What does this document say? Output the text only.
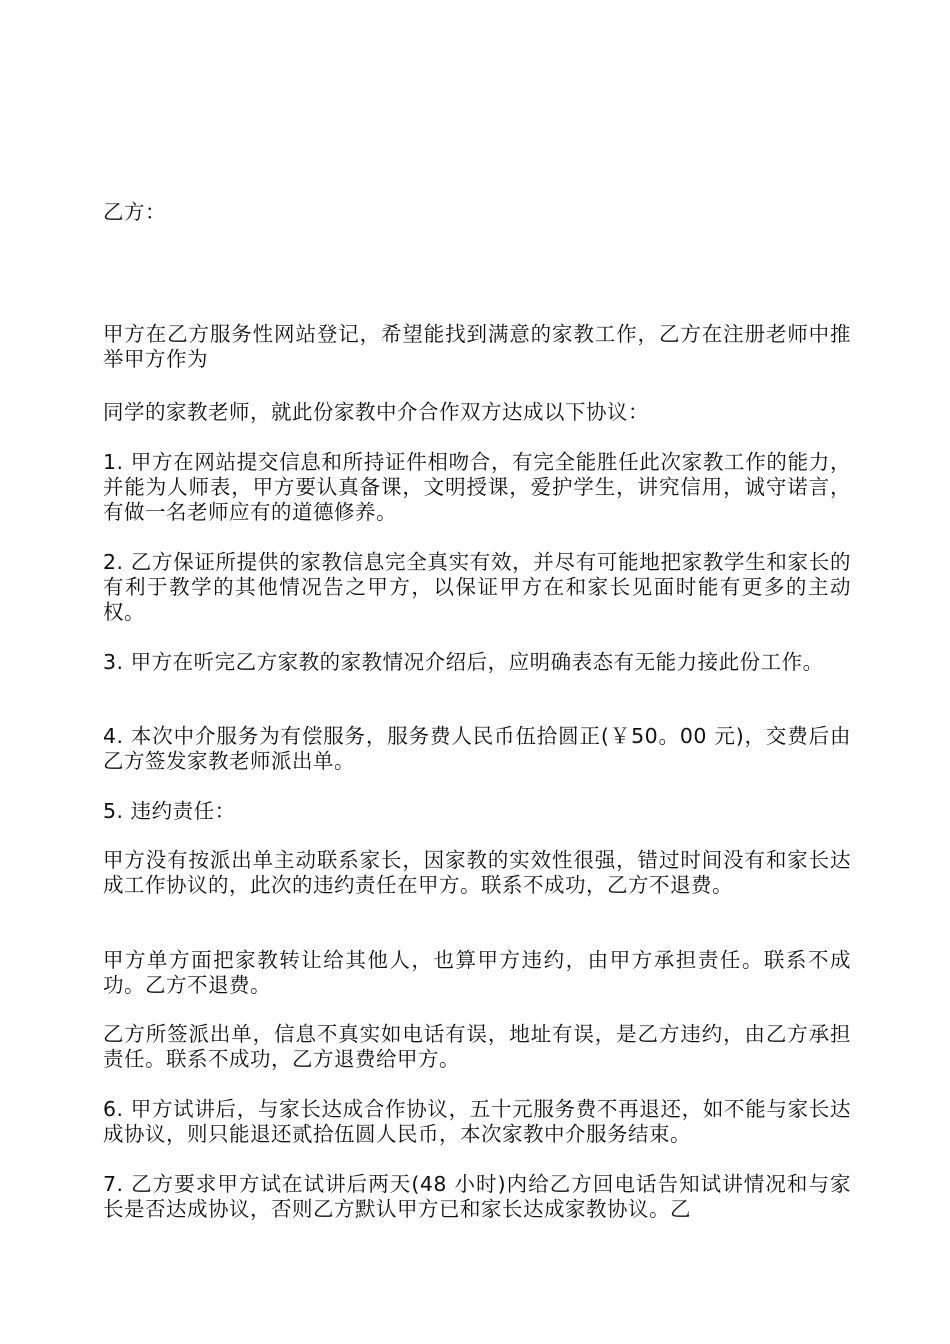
乙方：

甲方在乙方服务性网站登记，希望能找到满意的家教工作，乙方在注册老师中推举甲方作为

同学的家教老师，就此份家教中介合作双方达成以下协议：

1. 甲方在网站提交信息和所持证件相吻合，有完全能胜任此次家教工作的能力，并能为人师表，甲方要认真备课，文明授课，爱护学生，讲究信用，诚守诺言，有做一名老师应有的道德修养。

2. 乙方保证所提供的家教信息完全真实有效，并尽有可能地把家教学生和家长的有利于教学的其他情况告之甲方，以保证甲方在和家长见面时能有更多的主动权。

3. 甲方在听完乙方家教的家教情况介绍后，应明确表态有无能力接此份工作。

4. 本次中介服务为有偿服务，服务费人民币伍拾圆正(￥50。00 元)，交费后由乙方签发家教老师派出单。

5. 违约责任：

甲方没有按派出单主动联系家长，因家教的实效性很强，错过时间没有和家长达成工作协议的，此次的违约责任在甲方。联系不成功，乙方不退费。

甲方单方面把家教转让给其他人，也算甲方违约，由甲方承担责任。联系不成功。乙方不退费。

乙方所签派出单，信息不真实如电话有误，地址有误，是乙方违约，由乙方承担责任。联系不成功，乙方退费给甲方。

6. 甲方试讲后，与家长达成合作协议，五十元服务费不再退还，如不能与家长达成协议，则只能退还贰拾伍圆人民币，本次家教中介服务结束。

7. 乙方要求甲方试在试讲后两天(48 小时)内给乙方回电话告知试讲情况和与家长是否达成协议，否则乙方默认甲方已和家长达成家教协议。乙
